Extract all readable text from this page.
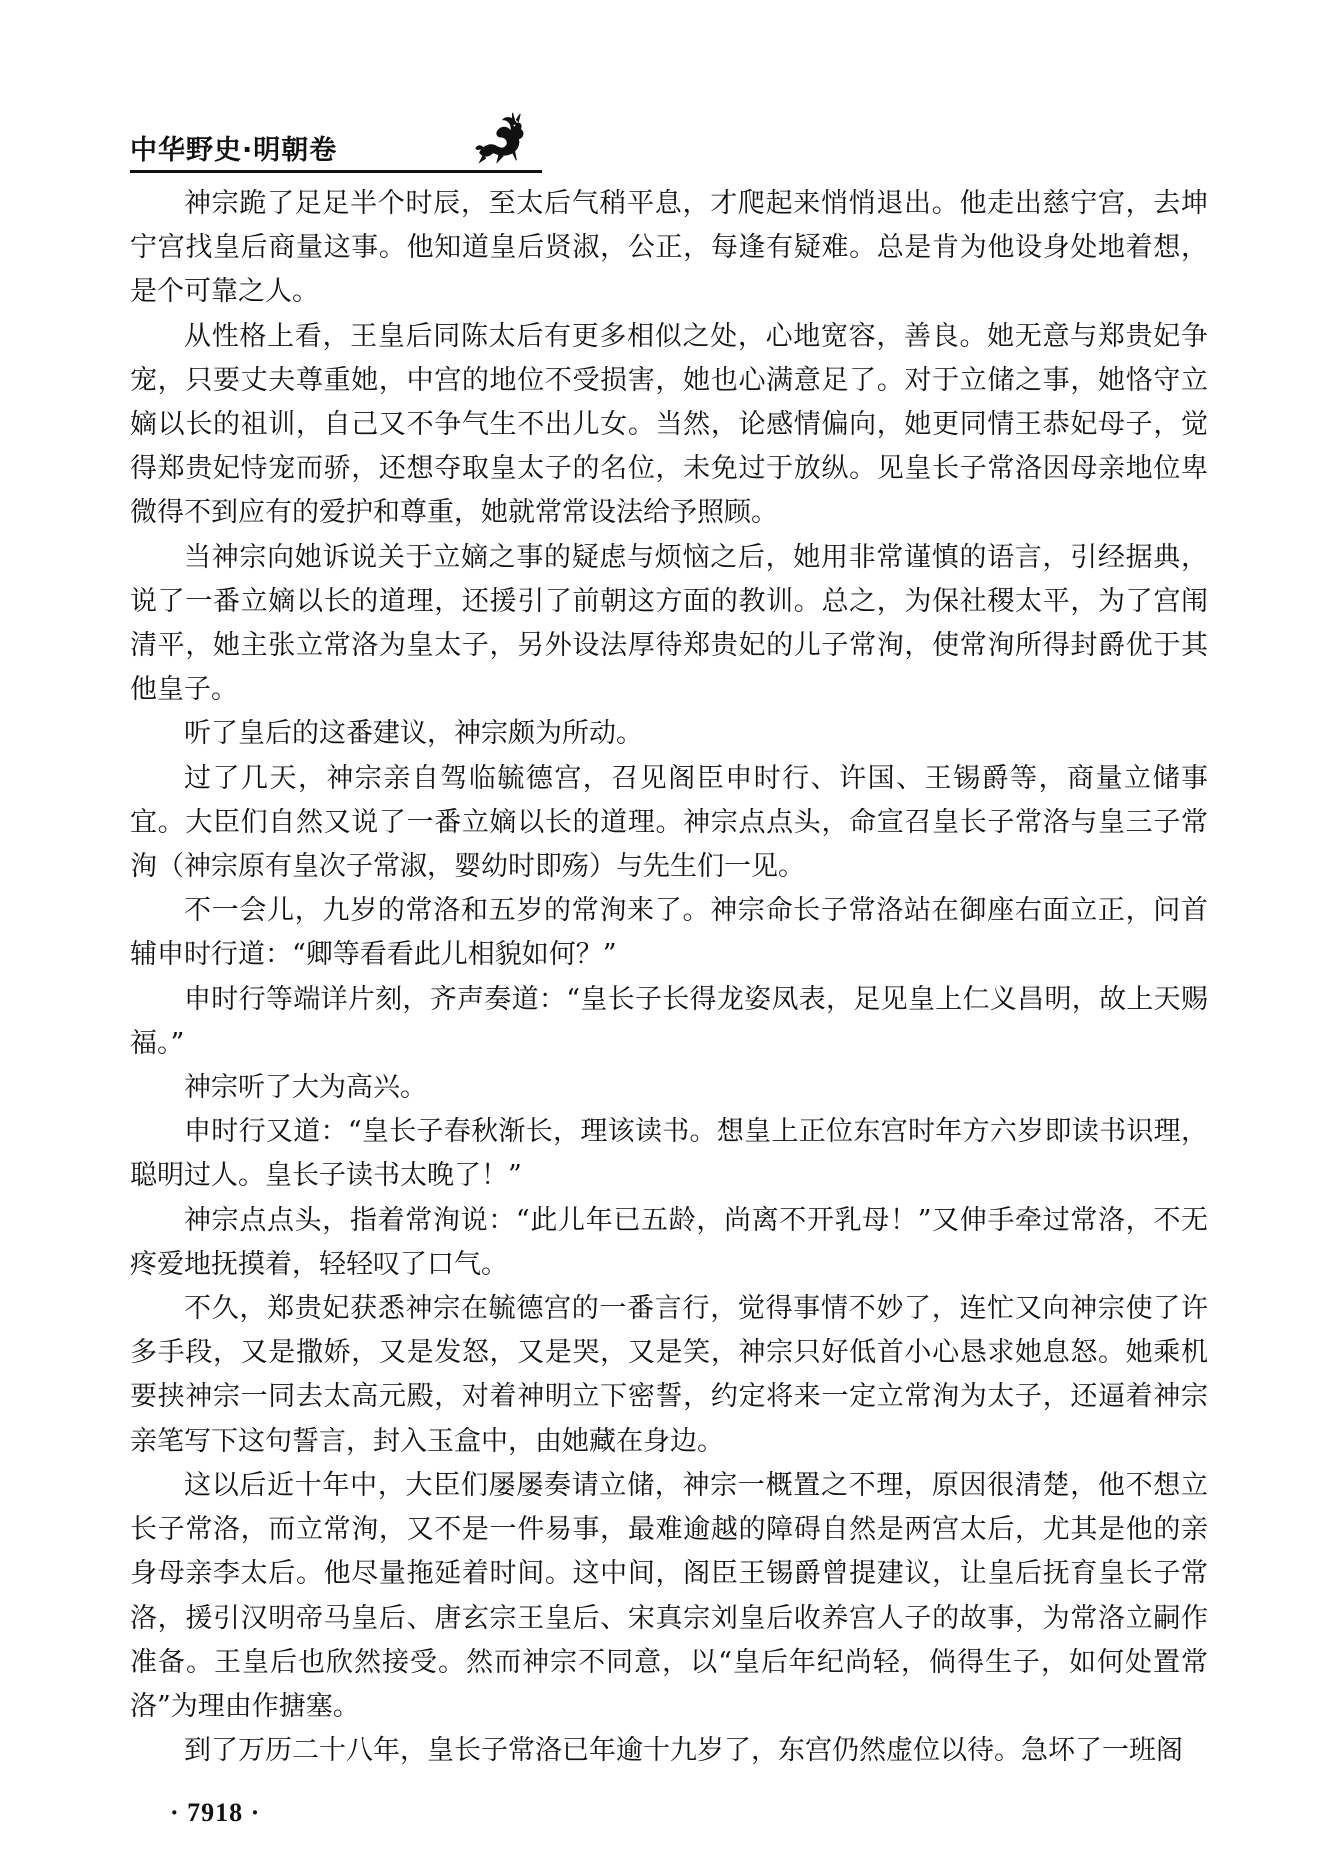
中华野史·明朝卷

神宗跪了足足半个时辰，至太后气稍平息，才爬起来悄悄退出。他走出慈宁宫，去坤宁宫找皇后商量这事。他知道皇后贤淑，公正，每逢有疑难。总是肯为他设身处地着想，是个可靠之人。

从性格上看，王皇后同陈太后有更多相似之处，心地宽容，善良。她无意与郑贵妃争宠，只要丈夫尊重她，中宫的地位不受损害，她也心满意足了。对于立储之事，她恪守立嫡以长的祖训，自己又不争气生不出儿女。当然，论感情偏向，她更同情王恭妃母子，觉得郑贵妃恃宠而骄，还想夺取皇太子的名位，未免过于放纵。见皇长子常洛因母亲地位卑微得不到应有的爱护和尊重，她就常常设法给予照顾。

当神宗向她诉说关于立嫡之事的疑虑与烦恼之后，她用非常谨慎的语言，引经据典，说了一番立嫡以长的道理，还援引了前朝这方面的教训。总之，为保社稷太平，为了宫闱清平，她主张立常洛为皇太子，另外设法厚待郑贵妃的儿子常洵，使常洵所得封爵优于其他皇子。

听了皇后的这番建议，神宗颇为所动。

过了几天，神宗亲自驾临毓德宫，召见阁臣申时行、许国、王锡爵等，商量立储事宜。大臣们自然又说了一番立嫡以长的道理。神宗点点头，命宣召皇长子常洛与皇三子常洵（神宗原有皇次子常淑，婴幼时即殇）与先生们一见。

不一会儿，九岁的常洛和五岁的常洵来了。神宗命长子常洛站在御座右面立正，问首辅申时行道：“卿等看看此儿相貌如何？”

申时行等端详片刻，齐声奏道：“皇长子长得龙姿凤表，足见皇上仁义昌明，故上天赐福。”

神宗听了大为高兴。

申时行又道：“皇长子春秋渐长，理该读书。想皇上正位东宫时年方六岁即读书识理，聪明过人。皇长子读书太晚了！”

神宗点点头，指着常洵说：“此儿年已五龄，尚离不开乳母！”又伸手牵过常洛，不无疼爱地抚摸着，轻轻叹了口气。

不久，郑贵妃获悉神宗在毓德宫的一番言行，觉得事情不妙了，连忙又向神宗使了许多手段，又是撒娇，又是发怒，又是哭，又是笑，神宗只好低首小心恳求她息怒。她乘机要挟神宗一同去太高元殿，对着神明立下密誓，约定将来一定立常洵为太子，还逼着神宗亲笔写下这句誓言，封入玉盒中，由她藏在身边。

这以后近十年中，大臣们屡屡奏请立储，神宗一概置之不理，原因很清楚，他不想立长子常洛，而立常洵，又不是一件易事，最难逾越的障碍自然是两宫太后，尤其是他的亲身母亲李太后。他尽量拖延着时间。这中间，阁臣王锡爵曾提建议，让皇后抚育皇长子常洛，援引汉明帝马皇后、唐玄宗王皇后、宋真宗刘皇后收养宫人子的故事，为常洛立嗣作准备。王皇后也欣然接受。然而神宗不同意，以“皇后年纪尚轻，倘得生子，如何处置常洛”为理由作搪塞。

到了万历二十八年，皇长子常洛已年逾十九岁了，东宫仍然虚位以待。急坏了一班阁

· 7918 ·
